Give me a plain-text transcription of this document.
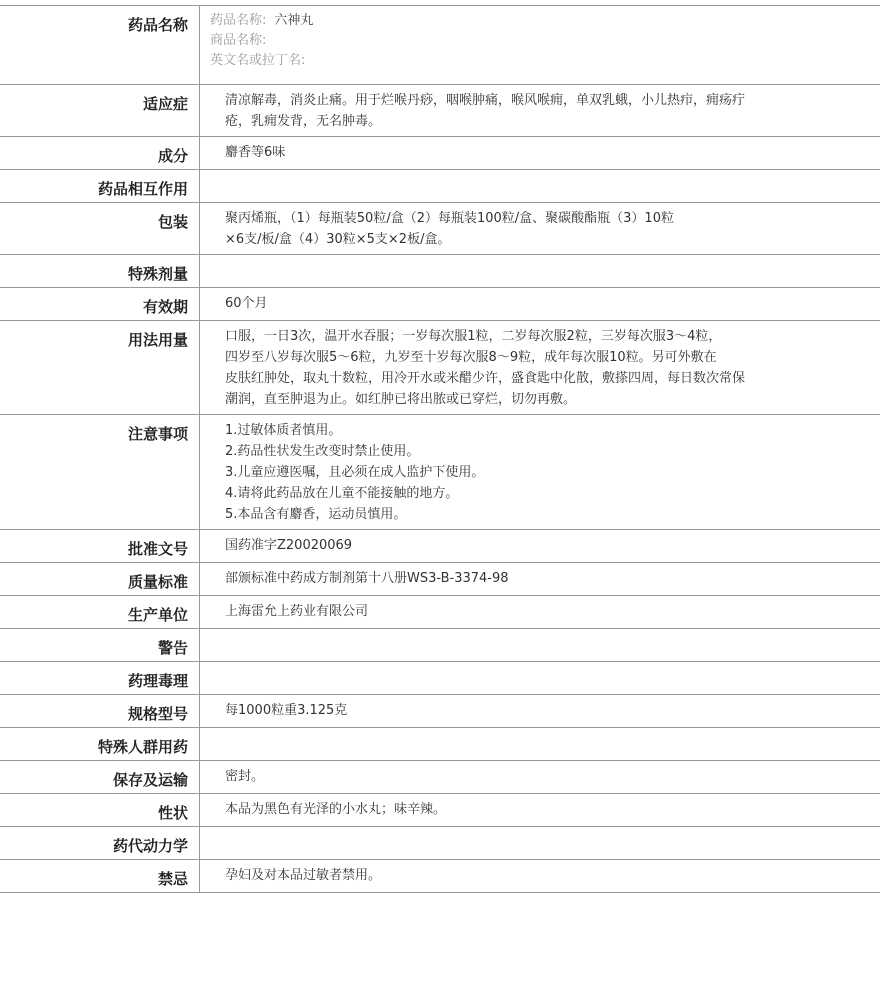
药品名称	药品名称: 六神丸
商品名称:
英文名或拉丁名:
适应症	清凉解毒，消炎止痛。用于烂喉丹痧，咽喉肿痛，喉风喉痈，单双乳蛾，小儿热疖，痈疡疔
疮，乳痈发背，无名肿毒。
成分	麝香等6味
药品相互作用
包装	聚丙烯瓶，（1）每瓶装50粒/盒（2）每瓶装100粒/盒、聚碳酸酯瓶（3）10粒
×6支/板/盒（4）30粒×5支×2板/盒。
特殊剂量
有效期	60个月
用法用量	口服，一日3次，温开水吞服；一岁每次服1粒，二岁每次服2粒，三岁每次服3～4粒，
四岁至八岁每次服5～6粒，九岁至十岁每次服8～9粒，成年每次服10粒。另可外敷在
皮肤红肿处，取丸十数粒，用冷开水或米醋少许，盛食匙中化散，敷搽四周，每日数次常保
潮润，直至肿退为止。如红肿已将出脓或已穿烂，切勿再敷。
注意事项	1.过敏体质者慎用。
2.药品性状发生改变时禁止使用。
3.儿童应遵医嘱，且必须在成人监护下使用。
4.请将此药品放在儿童不能接触的地方。
5.本品含有麝香，运动员慎用。
批准文号	国药准字Z20020069
质量标准	部颁标准中药成方制剂第十八册WS3-B-3374-98
生产单位	上海雷允上药业有限公司
警告
药理毒理
规格型号	每1000粒重3.125克
特殊人群用药
保存及运输	密封。
性状	本品为黑色有光泽的小水丸；味辛辣。
药代动力学
禁忌	孕妇及对本品过敏者禁用。
